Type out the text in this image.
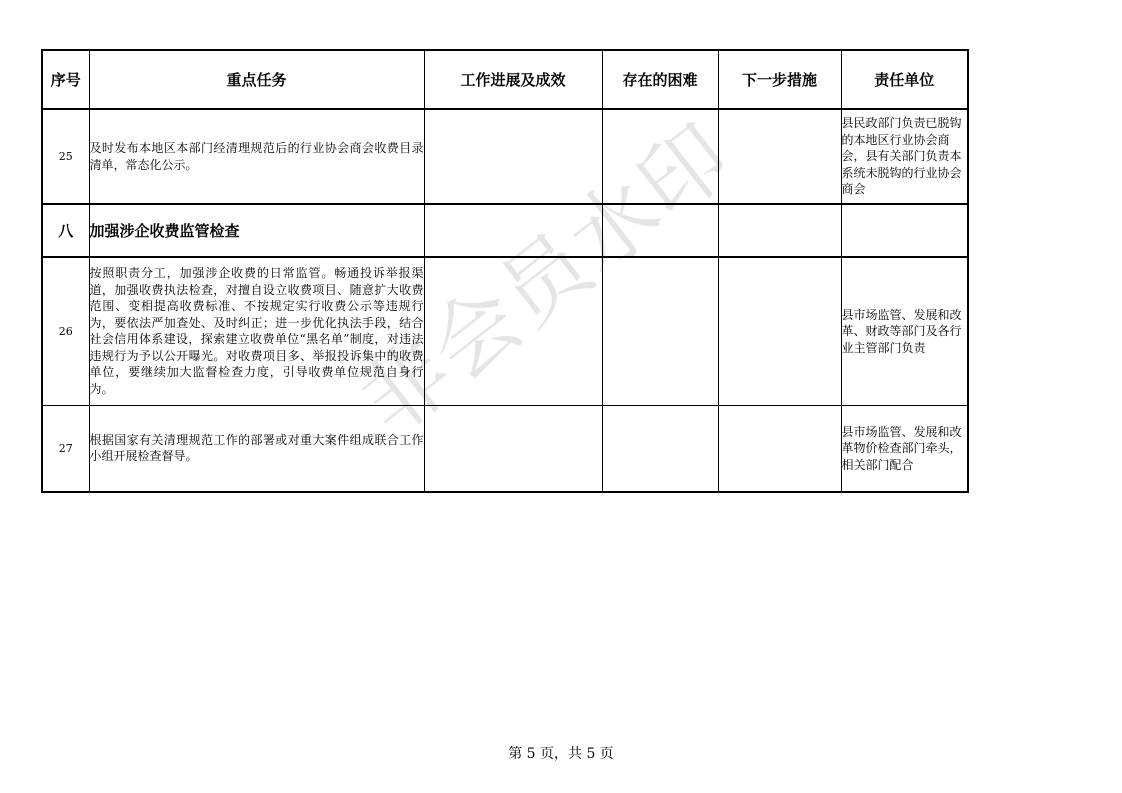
序号	重点任务	工作进展及成效	存在的困难	下一步措施	责任单位
25	及时发布本地区本部门经清理规范后的行业协会商会收费目录清单，常态化公示。				县民政部门负责已脱钩的本地区行业协会商会，县有关部门负责本系统未脱钩的行业协会商会
八	加强涉企收费监管检查				
26	按照职责分工，加强涉企收费的日常监管。畅通投诉举报渠道，加强收费执法检查，对擅自设立收费项目、随意扩大收费范围、变相提高收费标准、不按规定实行收费公示等违规行为，要依法严加查处、及时纠正；进一步优化执法手段，结合社会信用体系建设，探索建立收费单位“黑名单”制度，对违法违规行为予以公开曝光。对收费项目多、举报投诉集中的收费单位，要继续加大监督检查力度，引导收费单位规范自身行为。				县市场监管、发展和改革、财政等部门及各行业主管部门负责
27	根据国家有关清理规范工作的部署或对重大案件组成联合工作小组开展检查督导。				县市场监管、发展和改革物价检查部门牵头，相关部门配合
非会员水印
第 5 页，共 5 页
